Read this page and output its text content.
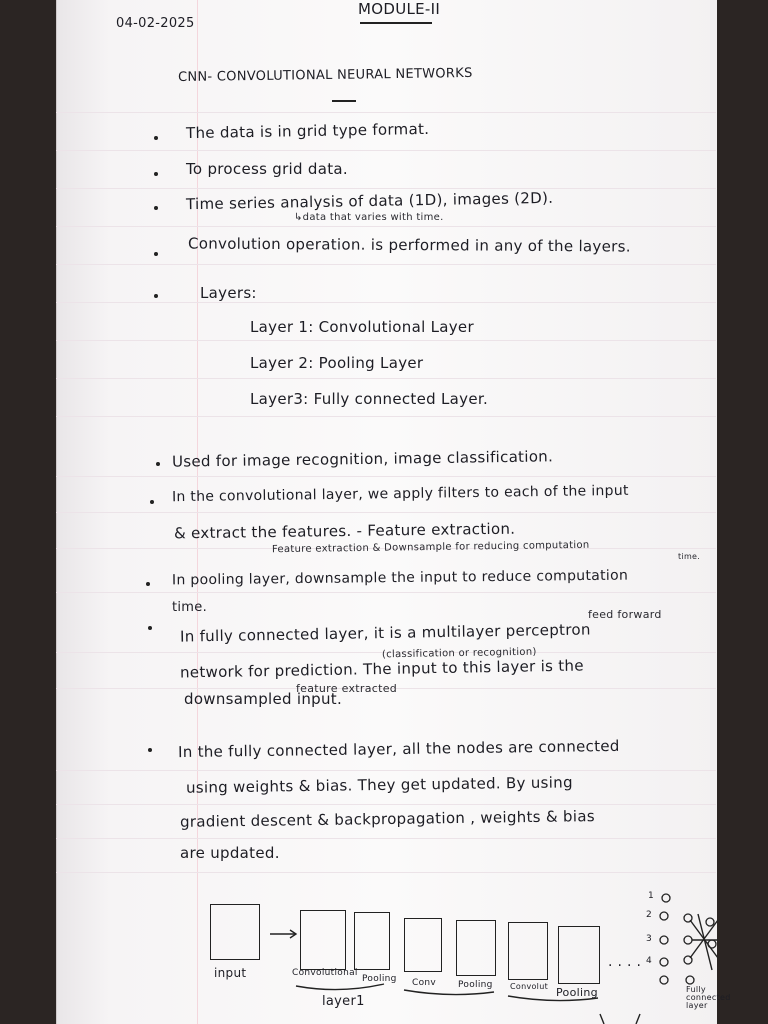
04-02-2025
MODULE-II
CNN- CONVOLUTIONAL NEURAL NETWORKS
The data is in grid type format.
To process grid data.
Time series analysis of data (1D), images (2D).
↳data that varies with time.
Convolution operation. is performed in any of the layers.
Layers:
Layer 1: Convolutional Layer
Layer 2: Pooling Layer
Layer3: Fully connected Layer.
Used for image recognition, image classification.
In the convolutional layer, we apply filters to each of the input
& extract the features. - Feature extraction.
Feature extraction & Downsample for reducing computation
time.
In pooling layer, downsample the input to reduce computation
time.	feed forward
In fully connected layer, it is a multilayer perceptron
(classification or recognition)
network for prediction. The input to this layer is the
feature extracted
downsampled input.
In the fully connected layer, all the nodes are connected
using weights & bias. They get updated. By using
gradient descent & backpropagation , weights & bias
are updated.
input	Convolutional
Pooling Conv Pooling Convolut Pooling
layer1
· · · ·
Fully connected layer
1
2
3
4
